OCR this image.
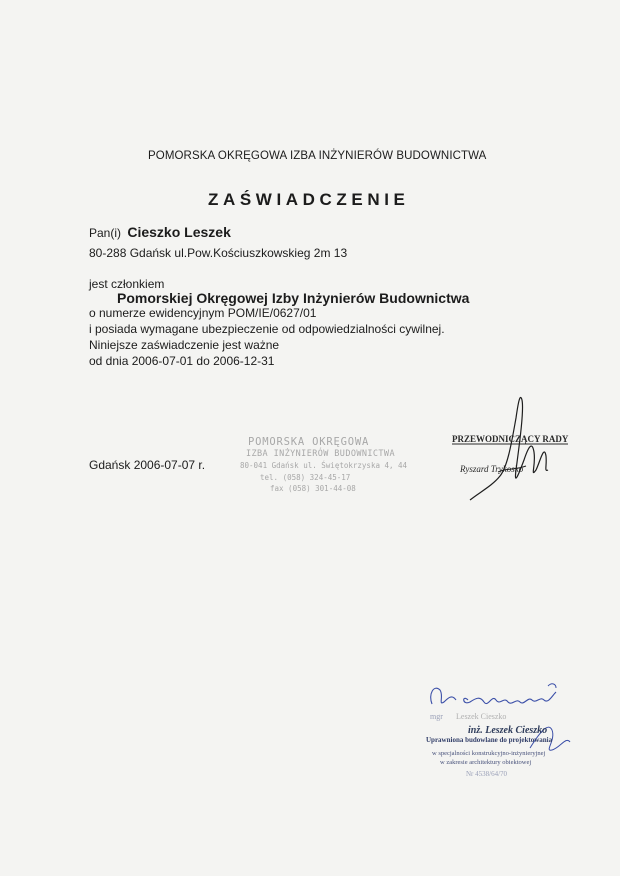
POMORSKA OKRĘGOWA IZBA INŻYNIERÓW BUDOWNICTWA
ZAŚWIADCZENIE
Pan(i) Cieszko Leszek
80-288 Gdańsk ul.Pow.Kościuszkowskieg 2m 13
jest członkiem
Pomorskiej Okręgowej Izby Inżynierów Budownictwa
o numerze ewidencyjnym POM/IE/0627/01
i posiada wymagane ubezpieczenie od odpowiedzialności cywilnej.
Niniejsze zaświadczenie jest ważne
od dnia 2006-07-01 do 2006-12-31
Gdańsk 2006-07-07 r.
POMORSKA OKRĘGOWA
IZBA INŻYNIERÓW BUDOWNICTWA
80-041 Gdańsk ul. Świętokrzyska 4, 44
tel. (058) 324-45-17
fax (058) 301-44-08
PRZEWODNICZĄCY RADY
Ryszard Trykosko
mgr Leszek Cieszko
inż. Leszek Cieszko
Uprawniona budowlane do projektowania
w specjalności konstrukcyjno-inżynieryjnej
w zakresie architektury obiektowej
Nr 4538/64/70
